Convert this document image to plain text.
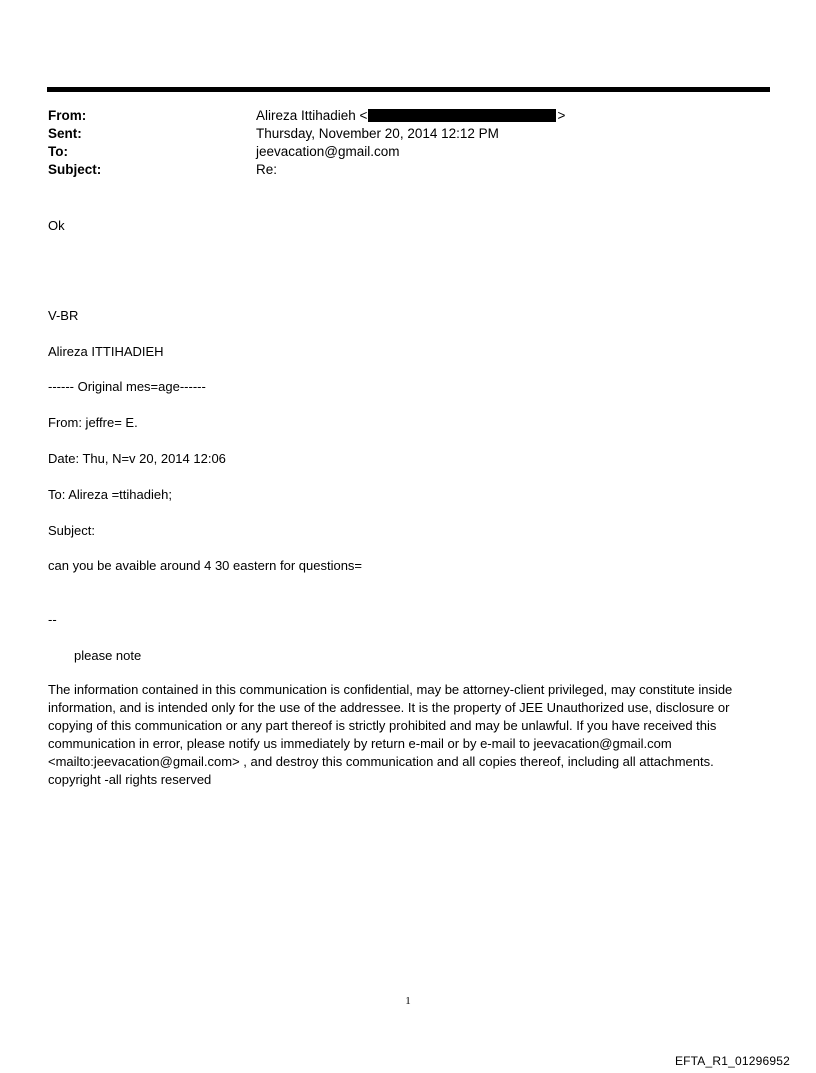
From:	Alireza Ittihadieh <	>
Sent:	Thursday, November 20, 2014 12:12 PM
To:	jeevacation@gmail.com
Subject:	Re:
Ok
V-BR
Alireza ITTIHADIEH
------ Original mes=age------
From: jeffre= E.
Date: Thu, N=v 20, 2014 12:06
To: Alireza =ttihadieh;
Subject:
can you be avaible around 4 30 eastern for questions=
--
please note
The information contained in this communication is confidential, may be attorney-client privileged, may constitute inside information, and is intended only for the use of the addressee. It is the property of JEE Unauthorized use, disclosure or copying of this communication or any part thereof is strictly prohibited and may be unlawful. If you have received this communication in error, please notify us immediately by return e-mail or by e-mail to jeevacation@gmail.com <mailto:jeevacation@gmail.com> , and destroy this communication and all copies thereof, including all attachments. copyright -all rights reserved
1
EFTA_R1_01296952
